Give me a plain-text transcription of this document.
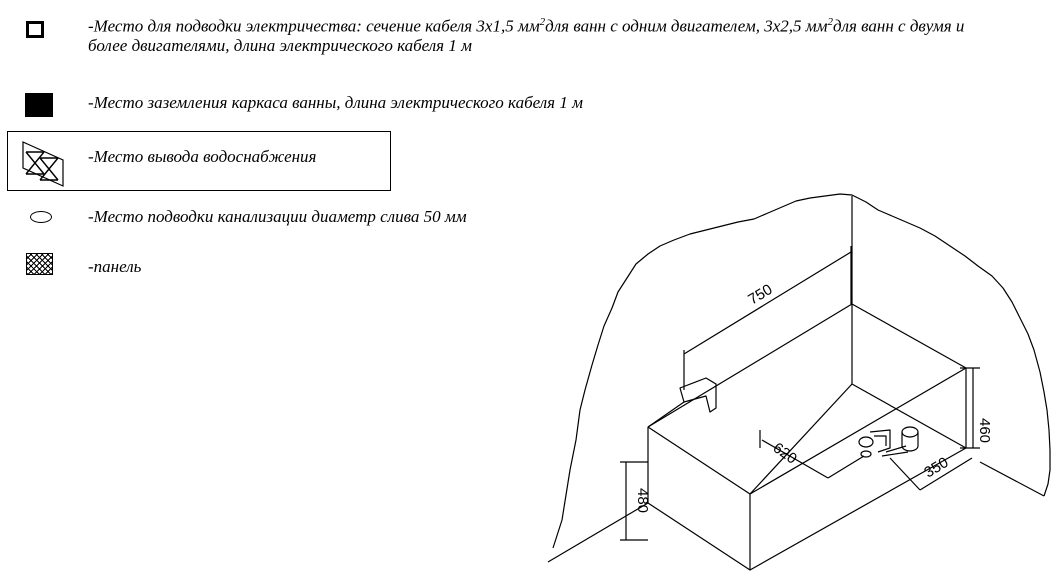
-Место для подводки электричества: сечение кабеля 3х1,5 $мм^2для$ ванн с одним двигателем, 3х2,5 $мм^2для$ ванн с двумя и
более двигателями, длина электрического кабеля 1 м
-Место заземления каркаса ванны, длина электрического кабеля 1 м
-Место вывода водоснабжения
-Место подводки канализации диаметр слива 50 мм
-панель
750
460
480
620
350
